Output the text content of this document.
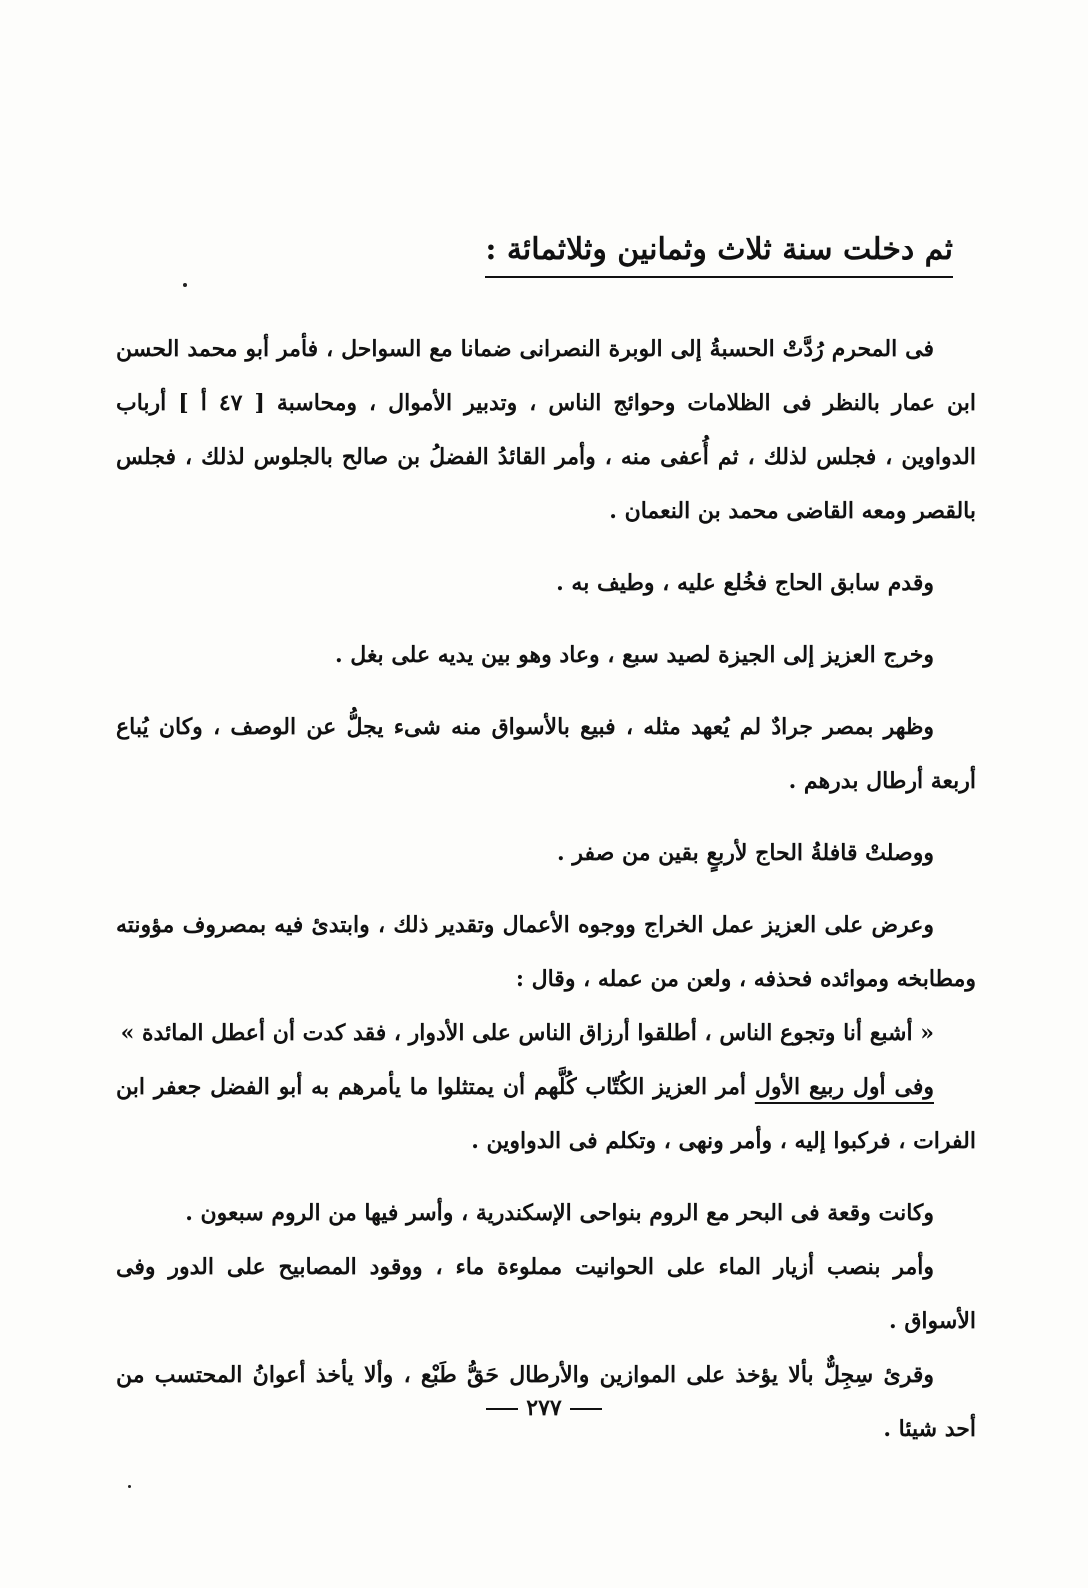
ثم دخلت سنة ثلاث وثمانين وثلاثمائة :

فى المحرم رُدَّتْ الحسبةُ إلى الوبرة النصرانى ضمانا مع السواحل ، فأمر أبو محمد الحسن ابن عمار بالنظر فى الظلامات وحوائج الناس ، وتدبير الأموال ، ومحاسبة [ ٤٧ أ ] أرباب الدواوين ، فجلس لذلك ، ثم أُعفى منه ، وأمر القائدُ الفضلُ بن صالح بالجلوس لذلك ، فجلس بالقصر ومعه القاضى محمد بن النعمان .

وقدم سابق الحاج فخُلع عليه ، وطيف به .

وخرج العزيز إلى الجيزة لصيد سبع ، وعاد وهو بين يديه على بغل .

وظهر بمصر جرادٌ لم يُعهد مثله ، فبيع بالأسواق منه شىء يجلُّ عن الوصف ، وكان يُباع أربعة أرطال بدرهم .

ووصلتْ قافلةُ الحاج لأربعٍ بقين من صفر .

وعرض على العزيز عمل الخراج ووجوه الأعمال وتقدير ذلك ، وابتدئ فيه بمصروف مؤونته ومطابخه وموائده فحذفه ، ولعن من عمله ، وقال :

« أشبع أنا وتجوع الناس ، أطلقوا أرزاق الناس على الأدوار ، فقد كدت أن أعطل المائدة »

وفى أول ربيع الأول أمر العزيز الكُتّاب كُلَّهم أن يمتثلوا ما يأمرهم به أبو الفضل جعفر ابن الفرات ، فركبوا إليه ، وأمر ونهى ، وتكلم فى الدواوين .

وكانت وقعة فى البحر مع الروم بنواحى الإسكندرية ، وأسر فيها من الروم سبعون .

وأمر بنصب أزيار الماء على الحوانيت مملوءة ماء ، ووقود المصابيح على الدور وفى الأسواق .

وقرئ سِجِلٌّ بألا يؤخذ على الموازين والأرطال حَقُّ طَبْع ، وألا يأخذ أعوانُ المحتسب من أحد شيئا .

٢٧٧
